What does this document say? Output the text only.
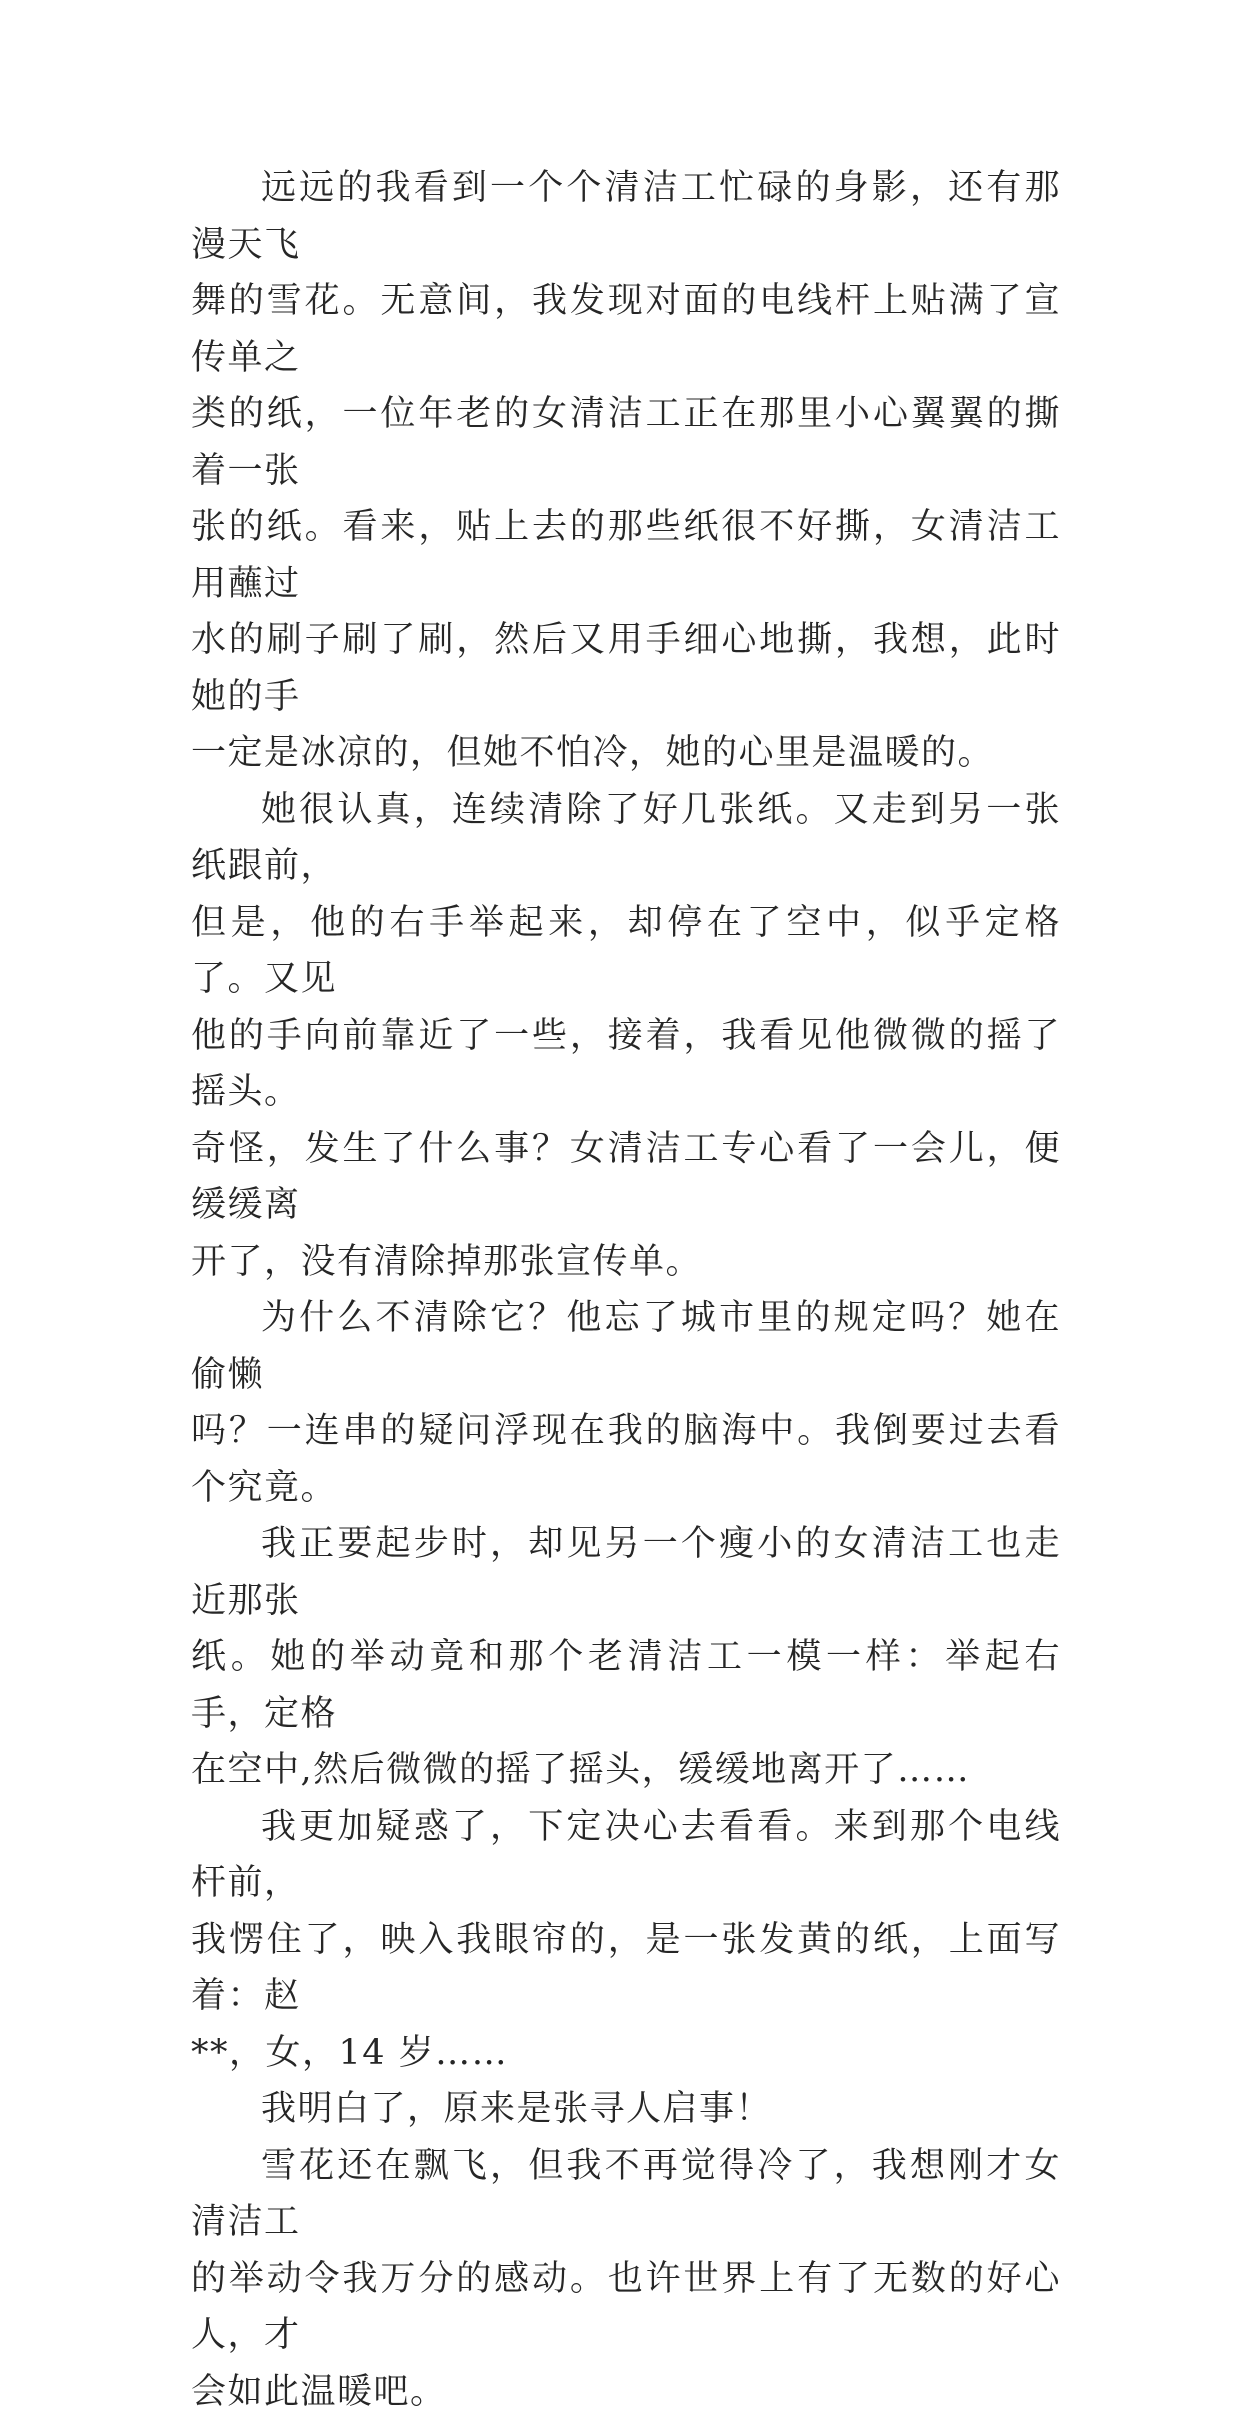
远远的我看到一个个清洁工忙碌的身影，还有那漫天飞
舞的雪花。无意间，我发现对面的电线杆上贴满了宣传单之
类的纸，一位年老的女清洁工正在那里小心翼翼的撕着一张
张的纸。看来，贴上去的那些纸很不好撕，女清洁工用蘸过
水的刷子刷了刷，然后又用手细心地撕，我想，此时她的手
一定是冰凉的，但她不怕冷，她的心里是温暖的。

她很认真，连续清除了好几张纸。又走到另一张纸跟前，
但是，他的右手举起来，却停在了空中，似乎定格了。又见
他的手向前靠近了一些，接着，我看见他微微的摇了摇头。
奇怪，发生了什么事？女清洁工专心看了一会儿，便缓缓离
开了，没有清除掉那张宣传单。

为什么不清除它？他忘了城市里的规定吗？她在偷懒
吗？一连串的疑问浮现在我的脑海中。我倒要过去看个究竟。

我正要起步时，却见另一个瘦小的女清洁工也走近那张
纸。她的举动竟和那个老清洁工一模一样：举起右手，定格
在空中,然后微微的摇了摇头，缓缓地离开了……

我更加疑惑了，下定决心去看看。来到那个电线杆前，
我愣住了，映入我眼帘的，是一张发黄的纸，上面写着：赵
**，女，14 岁……

我明白了，原来是张寻人启事！

雪花还在飘飞，但我不再觉得冷了，我想刚才女清洁工
的举动令我万分的感动。也许世界上有了无数的好心人，才
会如此温暖吧。
